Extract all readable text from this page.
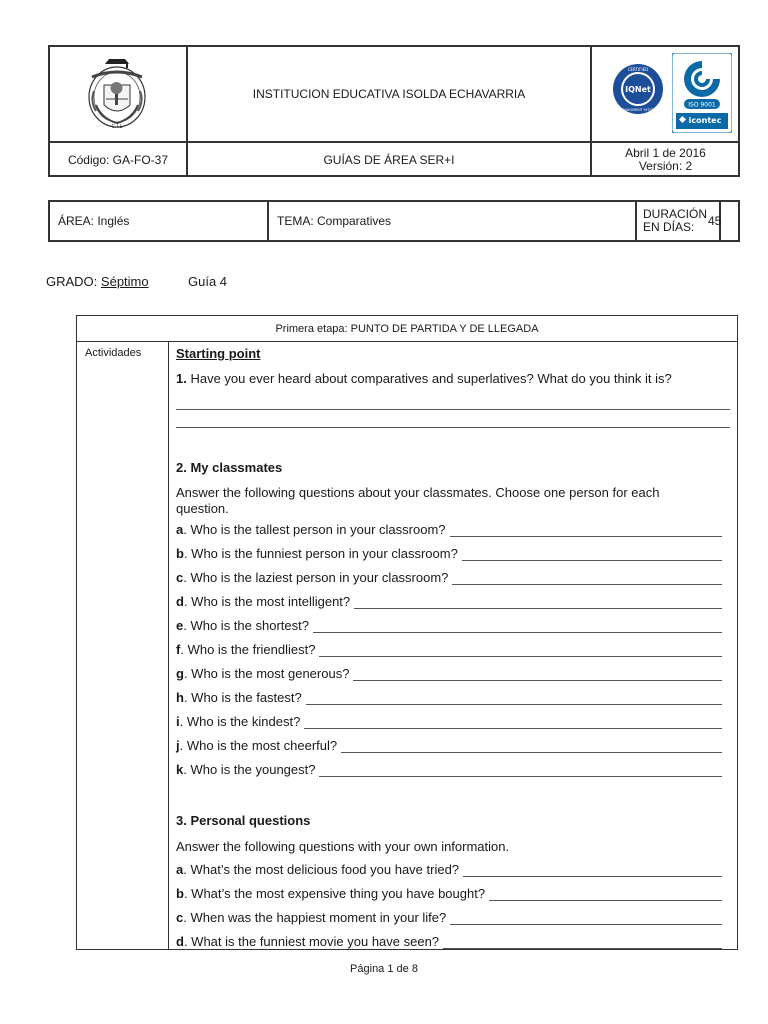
C.I.L
INSTITUCION EDUCATIVA ISOLDA ECHAVARRIA	IQNet
CERTIFIED
MANAGEMENT SYSTEM
ISO 9001
icontec
Código: GA-FO-37	GUÍAS DE ÁREA SER+I	Abril 1 de 2016
Versión: 2
ÁREA: Inglés	TEMA: Comparatives	DURACIÓN
EN DÍAS:	45
GRADO: Séptimo	Guía 4
Primera etapa: PUNTO DE PARTIDA Y DE LLEGADA
Actividades	Starting point
1. Have you ever heard about comparatives and superlatives? What do you think it is?
2. My classmates
Answer the following questions about your classmates. Choose one person for each
question.
a . Who is the tallest person in your classroom?
b . Who is the funniest person in your classroom?
c . Who is the laziest person in your classroom?
d . Who is the most intelligent?
e . Who is the shortest?
f . Who is the friendliest?
g . Who is the most generous?
h . Who is the fastest?
i . Who is the kindest?
j . Who is the most cheerful?
k . Who is the youngest?
3. Personal questions
Answer the following questions with your own information.
a . What’s the most delicious food you have tried?
b . What’s the most expensive thing you have bought?
c . When was the happiest moment in your life?
d . What is the funniest movie you have seen?
Página 1 de 8
